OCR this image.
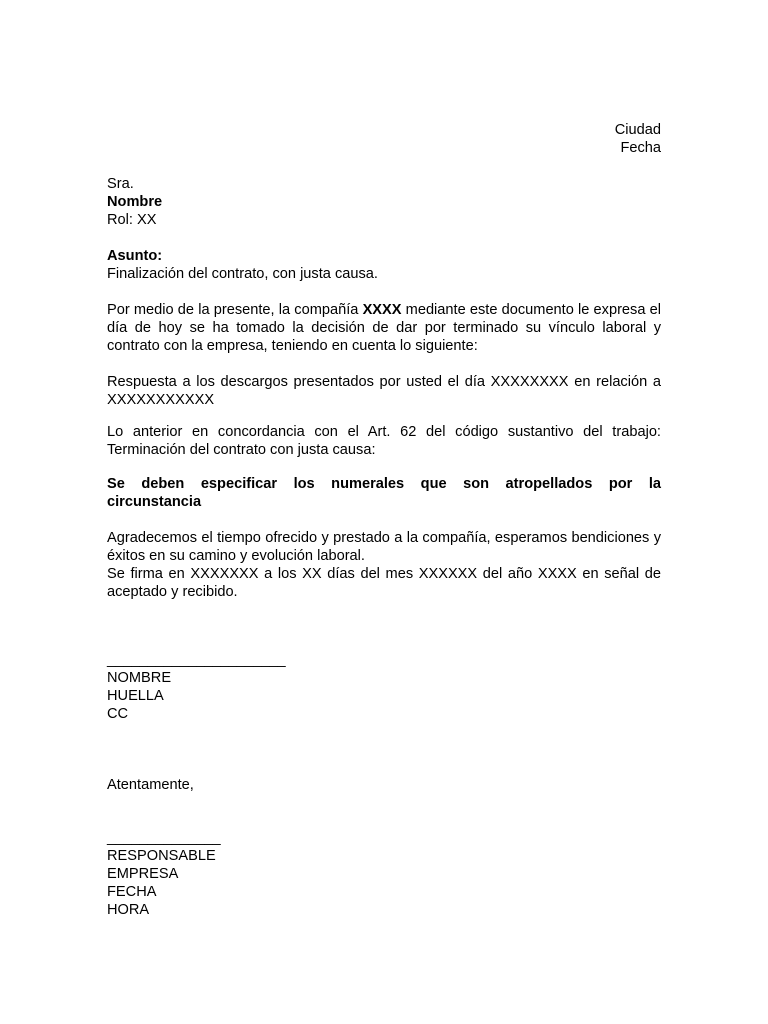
Ciudad
Fecha
Sra.
Nombre
Rol: XX
Asunto:
Finalización del contrato, con justa causa.
Por medio de la presente, la compañía XXXX mediante este documento le expresa el día de hoy se ha tomado la decisión de dar por terminado su vínculo laboral y contrato con la empresa, teniendo en cuenta lo siguiente:
Respuesta a los descargos presentados por usted el día XXXXXXXX en relación a XXXXXXXXXXX
Lo anterior en concordancia con el Art. 62 del código sustantivo del trabajo:
Terminación del contrato con justa causa:
Se deben especificar los numerales que son atropellados por la
circunstancia
Agradecemos el tiempo ofrecido y prestado a la compañía, esperamos bendiciones y éxitos en su camino y evolución laboral.
Se firma en XXXXXXX a los XX días del mes XXXXXX del año XXXX en señal de aceptado y recibido.
______________________
NOMBRE
HUELLA
CC
Atentamente,
______________
RESPONSABLE
EMPRESA
FECHA
HORA
